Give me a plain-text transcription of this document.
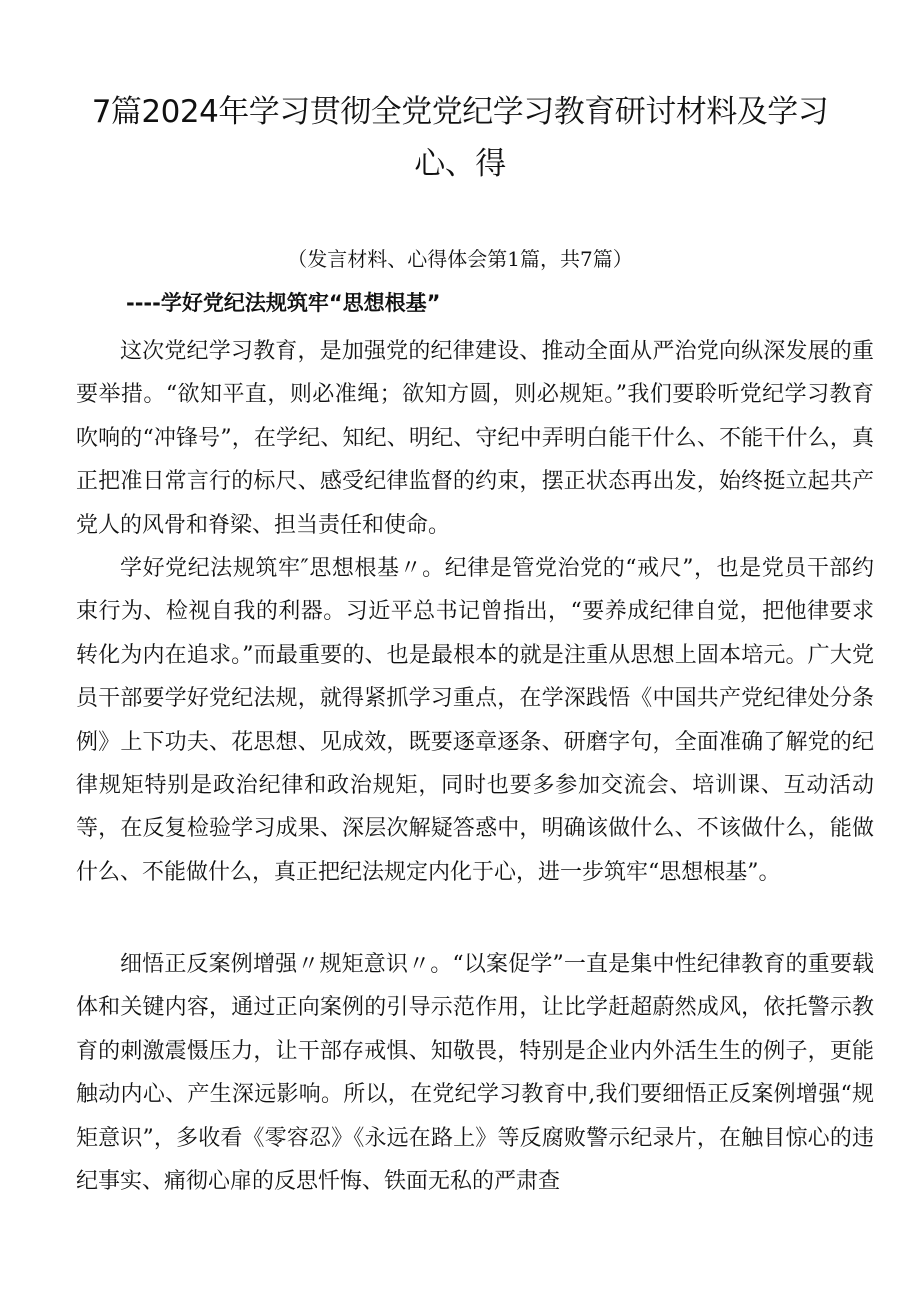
7篇2024年学习贯彻全党党纪学习教育研讨材料及学习心、得

（发言材料、心得体会第1篇，共7篇）

----学好党纪法规筑牢“思想根基”

这次党纪学习教育，是加强党的纪律建设、推动全面从严治党向纵深发展的重要举措。“欲知平直，则必准绳；欲知方圆，则必规矩。”我们要聆听党纪学习教育吹响的“冲锋号”，在学纪、知纪、明纪、守纪中弄明白能干什么、不能干什么，真正把准日常言行的标尺、感受纪律监督的约束，摆正状态再出发，始终挺立起共产党人的风骨和脊梁、担当责任和使命。

学好党纪法规筑牢″思想根基〃。纪律是管党治党的“戒尺”，也是党员干部约束行为、检视自我的利器。习近平总书记曾指出，“要养成纪律自觉，把他律要求转化为内在追求。”而最重要的、也是最根本的就是注重从思想上固本培元。广大党员干部要学好党纪法规，就得紧抓学习重点，在学深践悟《中国共产党纪律处分条例》上下功夫、花思想、见成效，既要逐章逐条、研磨字句，全面准确了解党的纪律规矩特别是政治纪律和政治规矩，同时也要多参加交流会、培训课、互动活动等，在反复检验学习成果、深层次解疑答惑中，明确该做什么、不该做什么，能做什么、不能做什么，真正把纪法规定内化于心，进一步筑牢“思想根基”。

细悟正反案例增强〃规矩意识〃。“以案促学”一直是集中性纪律教育的重要载体和关键内容，通过正向案例的引导示范作用，让比学赶超蔚然成风，依托警示教育的刺激震慑压力，让干部存戒惧、知敬畏，特别是企业内外活生生的例子，更能触动内心、产生深远影响。所以，在党纪学习教育中,我们要细悟正反案例增强“规矩意识”，多收看《零容忍》《永远在路上》等反腐败警示纪录片，在触目惊心的违纪事实、痛彻心扉的反思忏悔、铁面无私的严肃查
